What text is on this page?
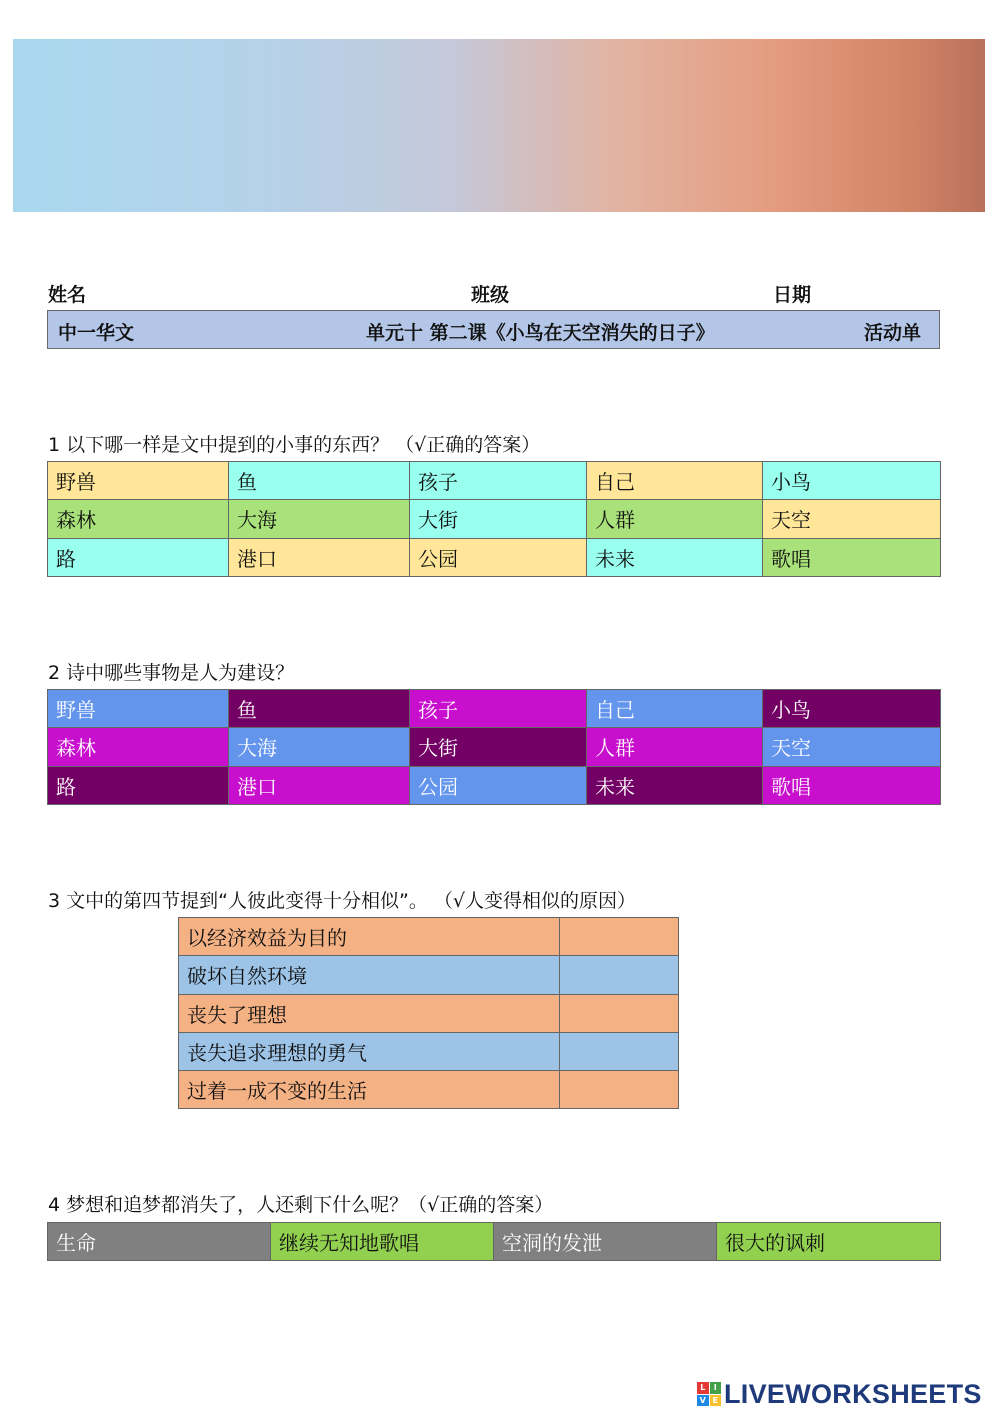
姓名	班级	日期
中一华文	单元十 第二课《小鸟在天空消失的日子》	活动单
1 以下哪一样是文中提到的小事的东西？ （√正确的答案）
野兽	鱼	孩子	自己	小鸟
森林	大海	大街	人群	天空
路	港口	公园	未来	歌唱
2 诗中哪些事物是人为建设？
野兽	鱼	孩子	自己	小鸟
森林	大海	大街	人群	天空
路	港口	公园	未来	歌唱
3 文中的第四节提到“人彼此变得十分相似”。 （√人变得相似的原因）
以经济效益为目的	
破坏自然环境	
丧失了理想	
丧失追求理想的勇气	
过着一成不变的生活	
4 梦想和追梦都消失了，人还剩下什么呢？（√正确的答案）
生命	继续无知地歌唱	空洞的发泄	很大的讽刺
L	I
V E LIVEWORKSHEETS
